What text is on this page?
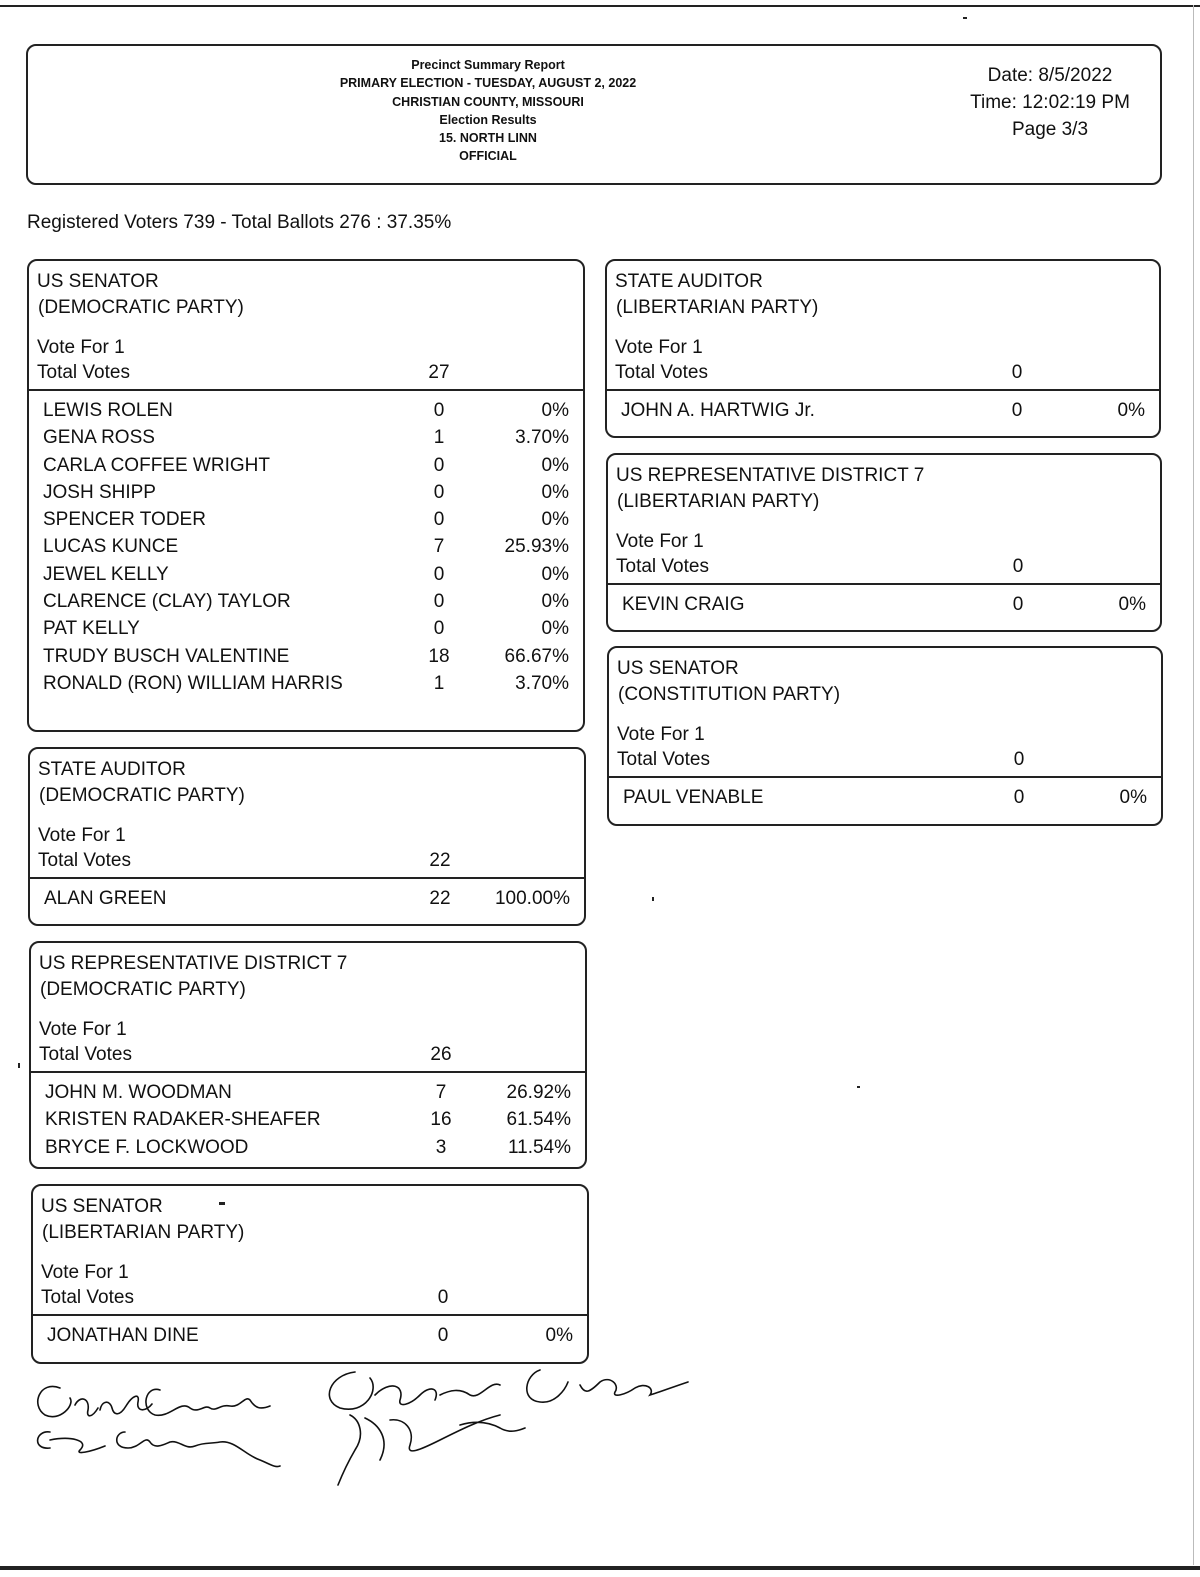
Precinct Summary Report
PRIMARY ELECTION - TUESDAY, AUGUST 2, 2022
CHRISTIAN COUNTY, MISSOURI
Election Results
15. NORTH LINN
OFFICIAL
Date: 8/5/2022
Time: 12:02:19 PM
Page 3/3
Registered Voters 739 - Total Ballots 276 : 37.35%
US SENATOR
(DEMOCRATIC PARTY)
Vote For 1
Total Votes	27
LEWIS ROLEN	0	0%
GENA ROSS	1	3.70%
CARLA COFFEE WRIGHT	0	0%
JOSH SHIPP	0	0%
SPENCER TODER	0	0%
LUCAS KUNCE	7	25.93%
JEWEL KELLY	0	0%
CLARENCE (CLAY) TAYLOR	0	0%
PAT KELLY	0	0%
TRUDY BUSCH VALENTINE	18	66.67%
RONALD (RON) WILLIAM HARRIS	1	3.70%
STATE AUDITOR
(DEMOCRATIC PARTY)
Vote For 1
Total Votes	22
ALAN GREEN	22	100.00%
US REPRESENTATIVE DISTRICT 7
(DEMOCRATIC PARTY)
Vote For 1
Total Votes	26
JOHN M. WOODMAN	7	26.92%
KRISTEN RADAKER-SHEAFER	16	61.54%
BRYCE F. LOCKWOOD	3	11.54%
US SENATOR
(LIBERTARIAN PARTY)
Vote For 1
Total Votes	0
JONATHAN DINE	0	0%
STATE AUDITOR
(LIBERTARIAN PARTY)
Vote For 1
Total Votes	0
JOHN A. HARTWIG Jr.	0	0%
US REPRESENTATIVE DISTRICT 7
(LIBERTARIAN PARTY)
Vote For 1
Total Votes	0
KEVIN CRAIG	0	0%
US SENATOR
(CONSTITUTION PARTY)
Vote For 1
Total Votes	0
PAUL VENABLE	0	0%
